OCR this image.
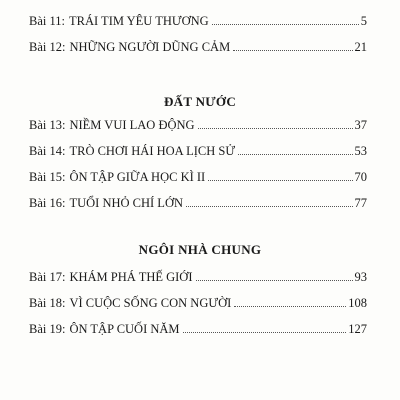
Bài 11: TRÁI TIM YÊU THƯƠNG	5
Bài 12: NHỮNG NGƯỜI DŨNG CẢM	21
ĐẤT NƯỚC
Bài 13: NIỀM VUI LAO ĐỘNG	37
Bài 14: TRÒ CHƠI HÁI HOA LỊCH SỬ	53
Bài 15: ÔN TẬP GIỮA HỌC KÌ II	70
Bài 16: TUỔI NHỎ CHÍ LỚN	77
NGÔI NHÀ CHUNG
Bài 17: KHÁM PHÁ THẾ GIỚI	93
Bài 18: VÌ CUỘC SỐNG CON NGƯỜI	108
Bài 19: ÔN TẬP CUỐI NĂM	127
